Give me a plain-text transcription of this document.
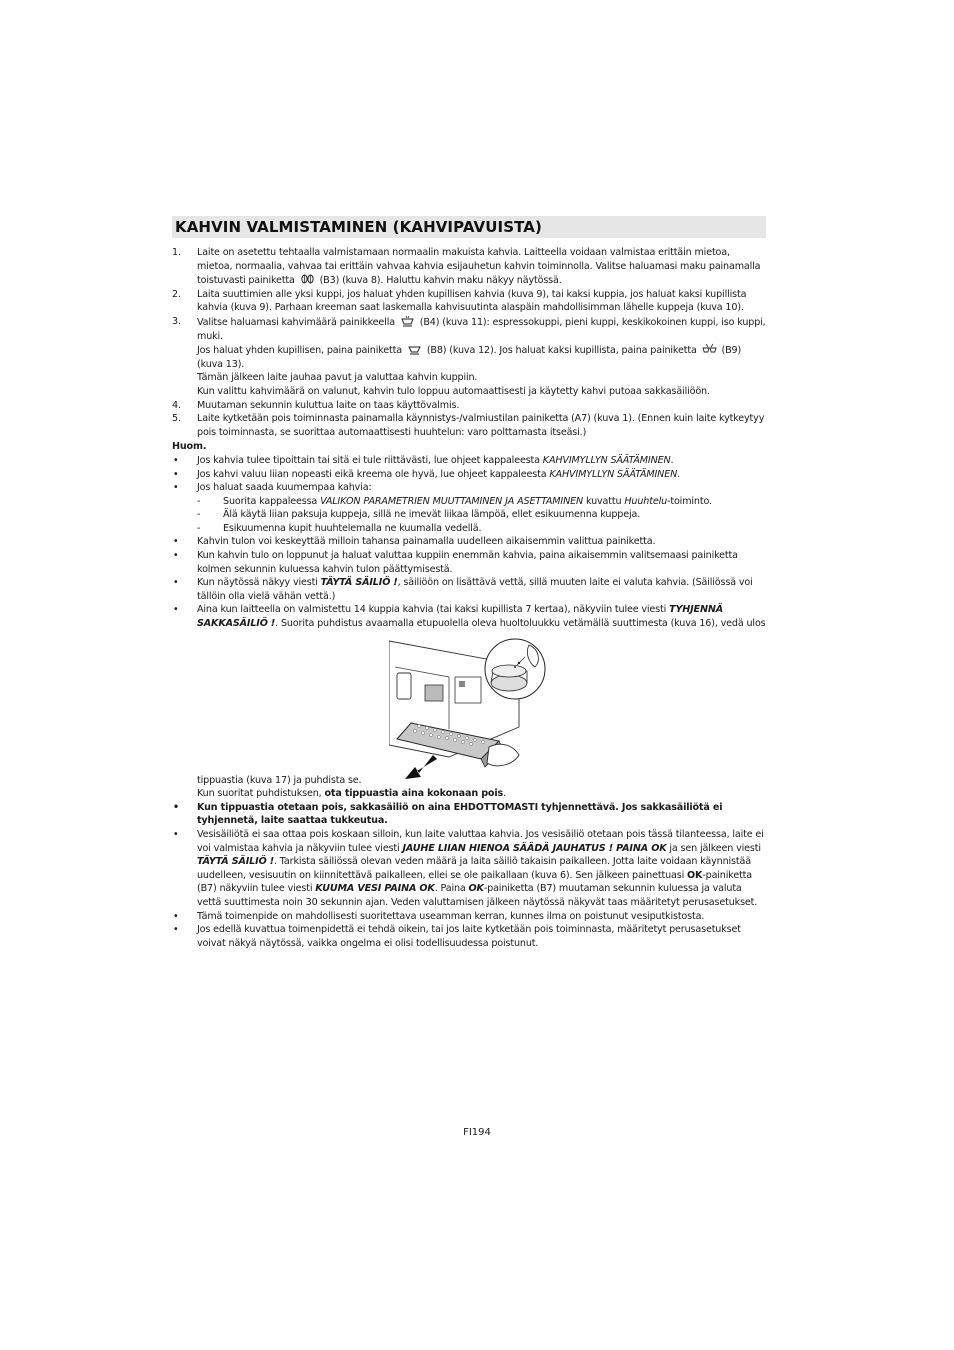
KAHVIN VALMISTAMINEN (KAHVIPAVUISTA)
1. Laite on asetettu tehtaalla valmistamaan normaalin makuista kahvia. Laitteella voidaan valmistaa erittäin mietoa, mietoa, normaalia, vahvaa tai erittäin vahvaa kahvia esijauhetun kahvin toiminnolla. Valitse haluamasi maku painamalla toistuvasti painiketta	(B3) (kuva 8). Haluttu kahvin maku näkyy näytössä.
2. Laita suuttimien alle yksi kuppi, jos haluat yhden kupillisen kahvia (kuva 9), tai kaksi kuppia, jos haluat kaksi kupillista kahvia (kuva 9). Parhaan kreeman saat laskemalla kahvisuutinta alaspäin mahdollisimman lähelle kuppeja (kuva 10).
3. Valitse haluamasi kahvimäärä painikkeella	(B4) (kuva 11): espressokuppi, pieni kuppi, keskikokoinen kuppi, iso kuppi, muki.
Jos haluat yhden kupillisen, paina painiketta	(B8) (kuva 12). Jos haluat kaksi kupillista, paina painiketta	(B9) (kuva 13).
Tämän jälkeen laite jauhaa pavut ja valuttaa kahvin kuppiin.
Kun valittu kahvimäärä on valunut, kahvin tulo loppuu automaattisesti ja käytetty kahvi putoaa sakkasäiliöön.
4. Muutaman sekunnin kuluttua laite on taas käyttövalmis.
5. Laite kytketään pois toiminnasta painamalla käynnistys-/valmiustilan painiketta (A7) (kuva 1). (Ennen kuin laite kytkeytyy pois toiminnasta, se suorittaa automaattisesti huuhtelun: varo polttamasta itseäsi.)
Huom.
• Jos kahvia tulee tipoittain tai sitä ei tule riittävästi, lue ohjeet kappaleesta KAHVIMYLLYN SÄÄTÄMINEN.
• Jos kahvi valuu liian nopeasti eikä kreema ole hyvä, lue ohjeet kappaleesta KAHVIMYLLYN SÄÄTÄMINEN.
• Jos haluat saada kuumempaa kahvia:
- Suorita kappaleessa VALIKON PARAMETRIEN MUUTTAMINEN JA ASETTAMINEN kuvattu Huuhtelu-toiminto.
- Älä käytä liian paksuja kuppeja, sillä ne imevät liikaa lämpöä, ellet esikuumenna kuppeja.
- Esikuumenna kupit huuhtelemalla ne kuumalla vedellä.
• Kahvin tulon voi keskeyttää milloin tahansa painamalla uudelleen aikaisemmin valittua painiketta.
• Kun kahvin tulo on loppunut ja haluat valuttaa kuppiin enemmän kahvia, paina aikaisemmin valitsemaasi painiketta kolmen sekunnin kuluessa kahvin tulon päättymisestä.
• Kun näytössä näkyy viesti TÄYTÄ SÄILIÖ !, säiliöön on lisättävä vettä, sillä muuten laite ei valuta kahvia. (Säiliössä voi tällöin olla vielä vähän vettä.)
• Aina kun laitteella on valmistettu 14 kuppia kahvia (tai kaksi kupillista 7 kertaa), näkyviin tulee viesti TYHJENNÄ SAKKASÄILIÖ !. Suorita puhdistus avaamalla etupuolella oleva huoltoluukku vetämällä suuttimesta (kuva 16), vedä ulos tippuastia (kuva 17) ja puhdista se.
Kun suoritat puhdistuksen, ota tippuastia aina kokonaan pois.
• Kun tippuastia otetaan pois, sakkasäiliö on aina EHDOTTOMASTI tyhjennettävä. Jos sakkasäiliötä ei tyhjennetä, laite saattaa tukkeutua.
• Vesisäiliötä ei saa ottaa pois koskaan silloin, kun laite valuttaa kahvia. Jos vesisäiliö otetaan pois tässä tilanteessa, laite ei voi valmistaa kahvia ja näkyviin tulee viesti JAUHE LIIAN HIENOA SÄÄDÄ JAUHATUS ! PAINA OK ja sen jälkeen viesti TÄYTÄ SÄILIÖ !. Tarkista säiliössä olevan veden määrä ja laita säiliö takaisin paikalleen. Jotta laite voidaan käynnistää uudelleen, vesisuutin on kiinnitettävä paikalleen, ellei se ole paikallaan (kuva 6). Sen jälkeen painettuasi OK-painiketta (B7) näkyviin tulee viesti KUUMA VESI PAINA OK. Paina OK-painiketta (B7) muutaman sekunnin kuluessa ja valuta vettä suuttimesta noin 30 sekunnin ajan. Veden valuttamisen jälkeen näytössä näkyvät taas määritetyt perusasetukset.
• Tämä toimenpide on mahdollisesti suoritettava useamman kerran, kunnes ilma on poistunut vesiputkistosta.
• Jos edellä kuvattua toimenpidettä ei tehdä oikein, tai jos laite kytketään pois toiminnasta, määritetyt perusasetukset voivat näkyä näytössä, vaikka ongelma ei olisi todellisuudessa poistunut.
FI194
